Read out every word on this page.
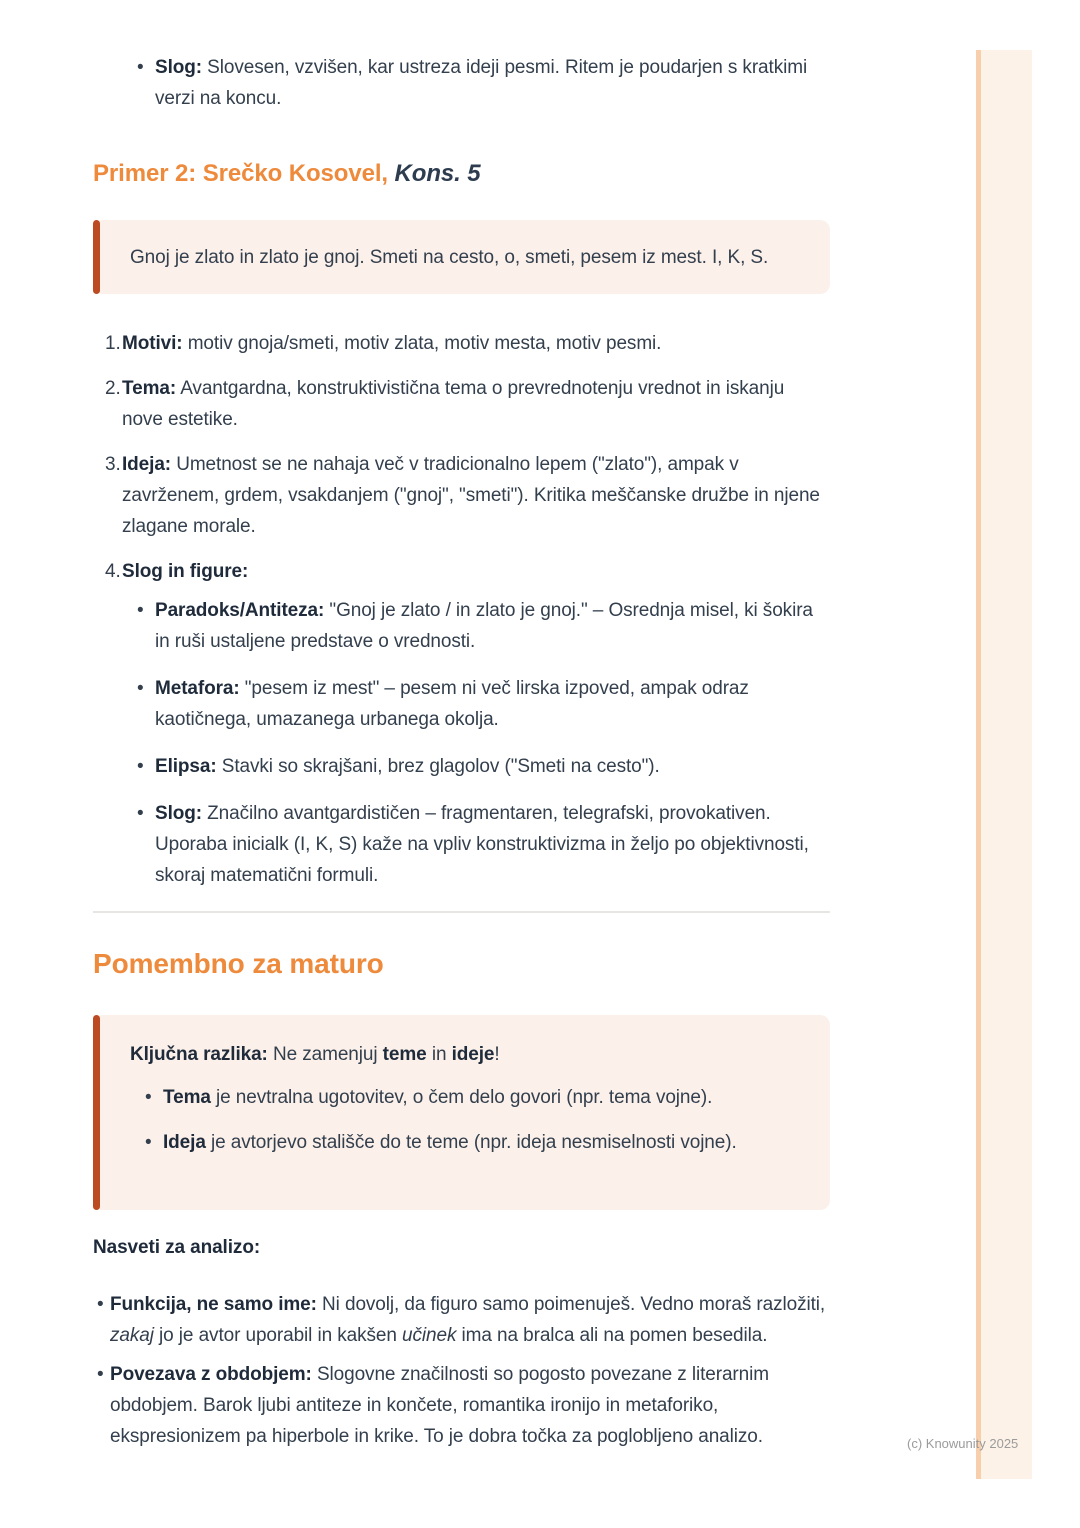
• Slog: Slovesen, vzvišen, kar ustreza ideji pesmi. Ritem je poudarjen s kratkimi verzi na koncu.
Primer 2: Srečko Kosovel, Kons. 5

Gnoj je zlato in zlato je gnoj. Smeti na cesto, o, smeti, pesem iz mest. I, K, S.

1. Motivi: motiv gnoja/smeti, motiv zlata, motiv mesta, motiv pesmi.
2. Tema: Avantgardna, konstruktivistična tema o prevrednotenju vrednot in iskanju nove estetike.
3. Ideja: Umetnost se ne nahaja več v tradicionalno lepem ("zlato"), ampak v zavrženem, grdem, vsakdanjem ("gnoj", "smeti"). Kritika meščanske družbe in njene zlagane morale.
4. Slog in figure:
• Paradoks/Antiteza: "Gnoj je zlato / in zlato je gnoj." – Osrednja misel, ki šokira in ruši ustaljene predstave o vrednosti.
• Metafora: "pesem iz mest" – pesem ni več lirska izpoved, ampak odraz kaotičnega, umazanega urbanega okolja.
• Elipsa: Stavki so skrajšani, brez glagolov ("Smeti na cesto").
• Slog: Značilno avantgardističen – fragmentaren, telegrafski, provokativen. Uporaba inicialk (I, K, S) kaže na vpliv konstruktivizma in željo po objektivnosti, skoraj matematični formuli.
Pomembno za maturo

Ključna razlika: Ne zamenjuj teme in ideje!

• Tema je nevtralna ugotovitev, o čem delo govori (npr. tema vojne).
• Ideja je avtorjevo stališče do te teme (npr. ideja nesmiselnosti vojne).

Nasveti za analizo:

• Funkcija, ne samo ime: Ni dovolj, da figuro samo poimenuješ. Vedno moraš razložiti, zakaj jo je avtor uporabil in kakšen učinek ima na bralca ali na pomen besedila.
• Povezava z obdobjem: Slogovne značilnosti so pogosto povezane z literarnim obdobjem. Barok ljubi antiteze in končete, romantika ironijo in metaforiko, ekspresionizem pa hiperbole in krike. To je dobra točka za poglobljeno analizo.	(c) Knowunity 2025
